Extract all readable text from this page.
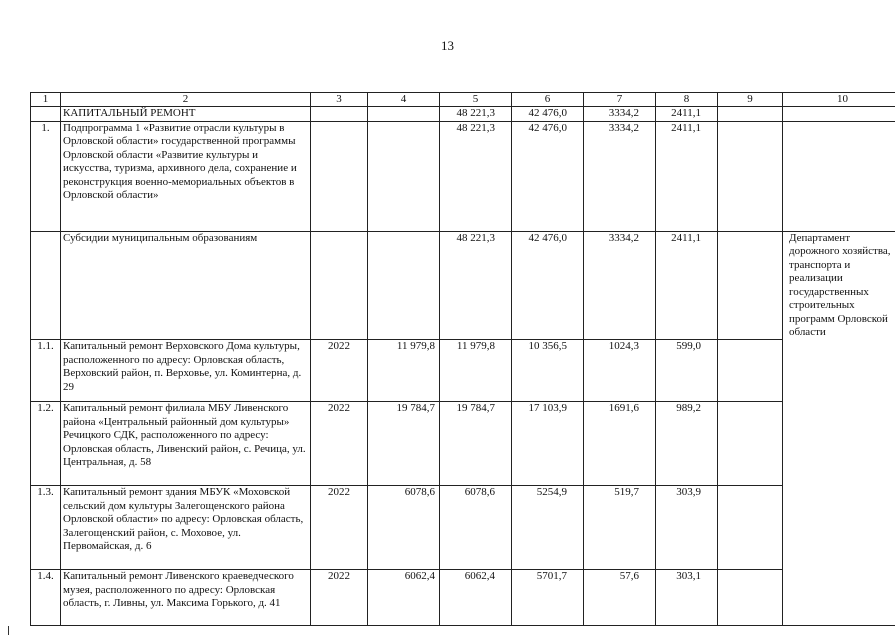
13
1	2	3	4	5	6	7	8	9	10
	КАПИТАЛЬНЫЙ РЕМОНТ			48 221,3	42 476,0	3334,2	2411,1		
1.	Подпрограмма 1 «Развитие отрасли культуры в Орловской области» государственной программы Орловской области «Развитие культуры и искусства, туризма, архивного дела, сохранение и реконструкция военно-мемориальных объектов в Орловской области»			48 221,3	42 476,0	3334,2	2411,1		
	Субсидии муниципальным образованиям			48 221,3	42 476,0	3334,2	2411,1		Департамент дорожного хозяйства, транспорта и реализации государственных строительных программ Орловской области
1.1.	Капитальный ремонт Верховского Дома культуры, расположенного по адресу: Орловская область, Верховский район, п. Верховье, ул. Коминтерна, д. 29	2022	11 979,8	11 979,8	10 356,5	1024,3	599,0		
1.2.	Капитальный ремонт филиала МБУ Ливенского района «Центральный районный дом культуры» Речицкого СДК, расположенного по адресу: Орловская область, Ливенский район, с. Речица, ул. Центральная, д. 58	2022	19 784,7	19 784,7	17 103,9	1691,6	989,2		
1.3.	Капитальный ремонт здания МБУК «Моховской сельский дом культуры Залегощенского района Орловской области» по адресу: Орловская область, Залегощенский район, с. Моховое, ул. Первомайская, д. 6	2022	6078,6	6078,6	5254,9	519,7	303,9		
1.4.	Капитальный ремонт Ливенского краеведческого музея, расположенного по адресу: Орловская область, г. Ливны, ул. Максима Горького, д. 41	2022	6062,4	6062,4	5701,7	57,6	303,1		
